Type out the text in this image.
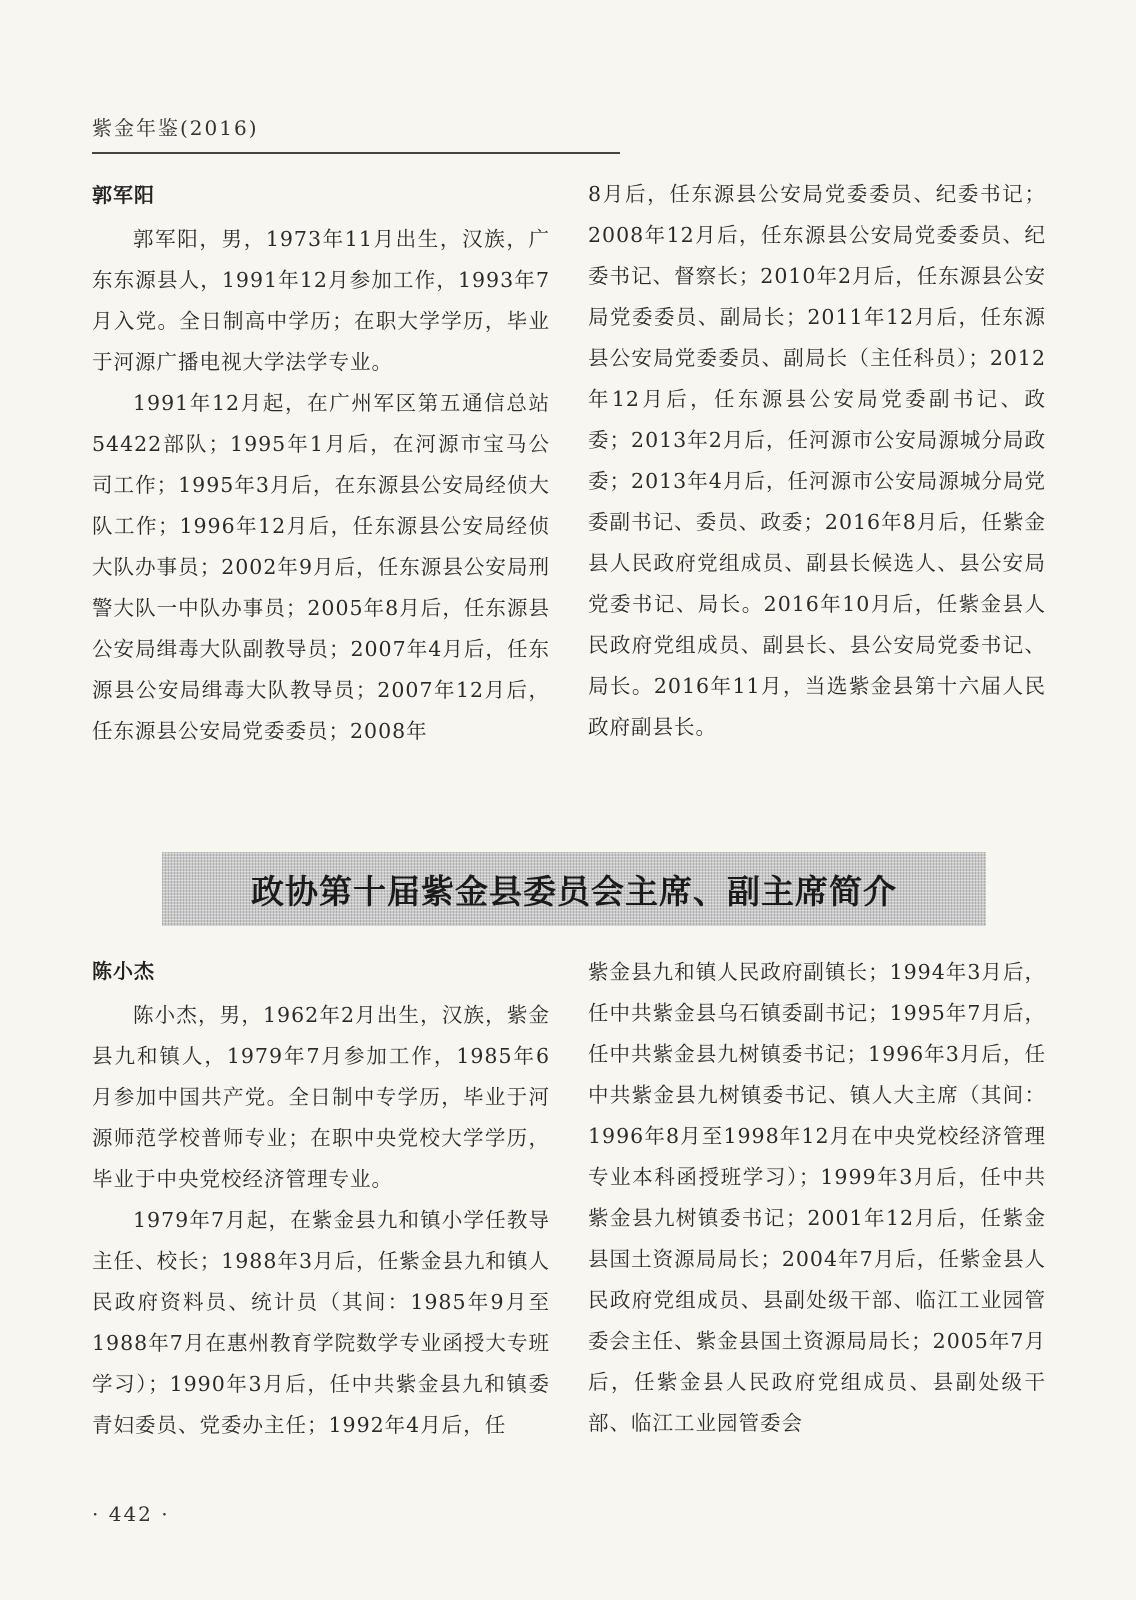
紫金年鉴(2016)
郭军阳

郭军阳，男，1973年11月出生，汉族，广东东源县人，1991年12月参加工作，1993年7月入党。全日制高中学历；在职大学学历，毕业于河源广播电视大学法学专业。

1991年12月起，在广州军区第五通信总站54422部队；1995年1月后，在河源市宝马公司工作；1995年3月后，在东源县公安局经侦大队工作；1996年12月后，任东源县公安局经侦大队办事员；2002年9月后，任东源县公安局刑警大队一中队办事员；2005年8月后，任东源县公安局缉毒大队副教导员；2007年4月后，任东源县公安局缉毒大队教导员；2007年12月后，任东源县公安局党委委员；2008年

8月后，任东源县公安局党委委员、纪委书记；2008年12月后，任东源县公安局党委委员、纪委书记、督察长；2010年2月后，任东源县公安局党委委员、副局长；2011年12月后，任东源县公安局党委委员、副局长（主任科员）；2012年12月后，任东源县公安局党委副书记、政委；2013年2月后，任河源市公安局源城分局政委；2013年4月后，任河源市公安局源城分局党委副书记、委员、政委；2016年8月后，任紫金县人民政府党组成员、副县长候选人、县公安局党委书记、局长。2016年10月后，任紫金县人民政府党组成员、副县长、县公安局党委书记、局长。2016年11月，当选紫金县第十六届人民政府副县长。

政协第十届紫金县委员会主席、副主席简介
陈小杰

陈小杰，男，1962年2月出生，汉族，紫金县九和镇人，1979年7月参加工作，1985年6月参加中国共产党。全日制中专学历，毕业于河源师范学校普师专业；在职中央党校大学学历，毕业于中央党校经济管理专业。

1979年7月起，在紫金县九和镇小学任教导主任、校长；1988年3月后，任紫金县九和镇人民政府资料员、统计员（其间：1985年9月至1988年7月在惠州教育学院数学专业函授大专班学习）；1990年3月后，任中共紫金县九和镇委青妇委员、党委办主任；1992年4月后，任

紫金县九和镇人民政府副镇长；1994年3月后，任中共紫金县乌石镇委副书记；1995年7月后，任中共紫金县九树镇委书记；1996年3月后，任中共紫金县九树镇委书记、镇人大主席（其间：1996年8月至1998年12月在中央党校经济管理专业本科函授班学习）；1999年3月后，任中共紫金县九树镇委书记；2001年12月后，任紫金县国土资源局局长；2004年7月后，任紫金县人民政府党组成员、县副处级干部、临江工业园管委会主任、紫金县国土资源局局长；2005年7月后，任紫金县人民政府党组成员、县副处级干部、临江工业园管委会

· 442 ·
